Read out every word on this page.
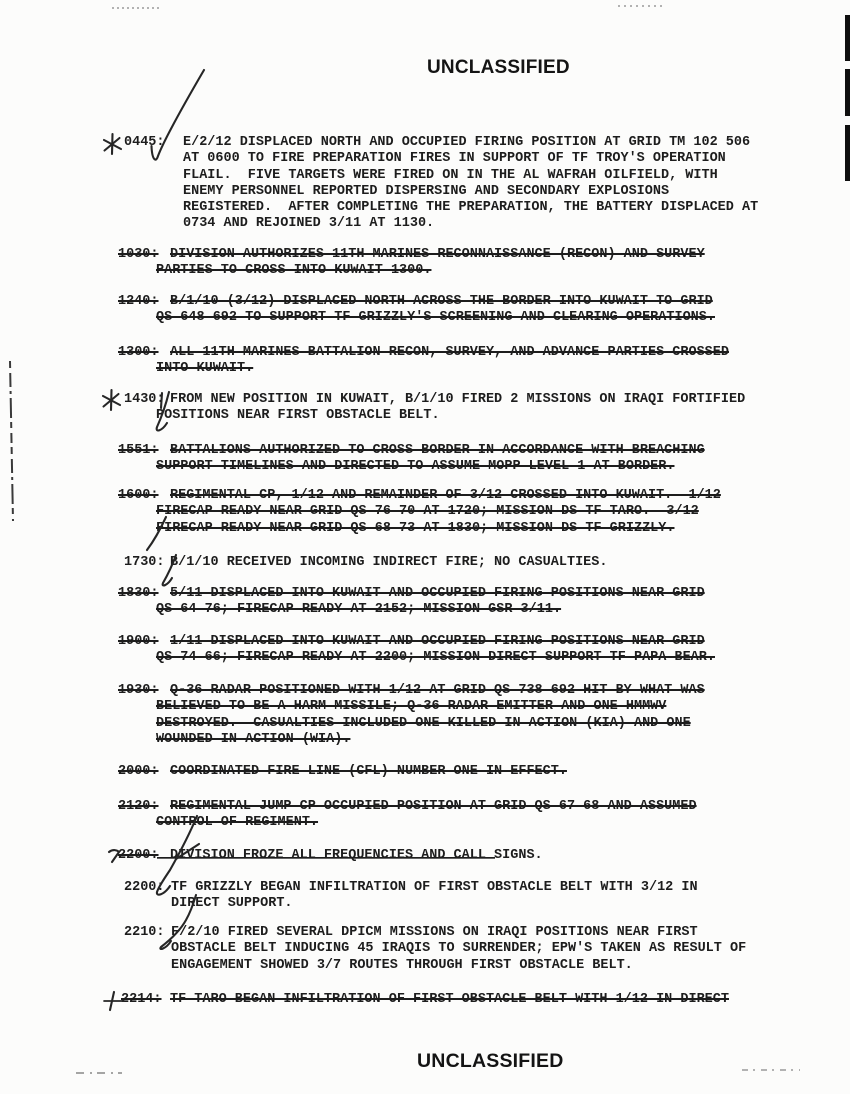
UNCLASSIFIED
0445: E/2/12 DISPLACED NORTH AND OCCUPIED FIRING POSITION AT GRID TM 102 506
AT 0600 TO FIRE PREPARATION FIRES IN SUPPORT OF TF TROY'S OPERATION
FLAIL.  FIVE TARGETS WERE FIRED ON IN THE AL WAFRAH OILFIELD, WITH
ENEMY PERSONNEL REPORTED DISPERSING AND SECONDARY EXPLOSIONS
REGISTERED.  AFTER COMPLETING THE PREPARATION, THE BATTERY DISPLACED AT
0734 AND REJOINED 3/11 AT 1130.
1030: DIVISION AUTHORIZES 11TH MARINES RECONNAISSANCE (RECON) AND SURVEY
PARTIES TO CROSS INTO KUWAIT 1300.
1240: B/1/10 (3/12) DISPLACED NORTH ACROSS THE BORDER INTO KUWAIT TO GRID
QS 648 692 TO SUPPORT TF GRIZZLY'S SCREENING AND CLEARING OPERATIONS.
1300: ALL 11TH MARINES BATTALION RECON, SURVEY, AND ADVANCE PARTIES CROSSED
INTO KUWAIT.
1430: FROM NEW POSITION IN KUWAIT, B/1/10 FIRED 2 MISSIONS ON IRAQI FORTIFIED
POSITIONS NEAR FIRST OBSTACLE BELT.
1551: BATTALIONS AUTHORIZED TO CROSS BORDER IN ACCORDANCE WITH BREACHING
SUPPORT TIMELINES AND DIRECTED TO ASSUME MOPP LEVEL 1 AT BORDER.
1600: REGIMENTAL CP, 1/12 AND REMAINDER OF 3/12 CROSSED INTO KUWAIT.  1/12
FIRECAP READY NEAR GRID QS 76 70 AT 1720; MISSION DS TF TARO.  3/12
FIRECAP READY NEAR GRID QS 68 73 AT 1830; MISSION DS TF GRIZZLY.
1730: B/1/10 RECEIVED INCOMING INDIRECT FIRE; NO CASUALTIES.
1830: 5/11 DISPLACED INTO KUWAIT AND OCCUPIED FIRING POSITIONS NEAR GRID
QS 64 76; FIRECAP READY AT 2152; MISSION GSR 3/11.
1900: 1/11 DISPLACED INTO KUWAIT AND OCCUPIED FIRING POSITIONS NEAR GRID
QS 74 66; FIRECAP READY AT 2200; MISSION DIRECT SUPPORT TF PAPA BEAR.
1930: Q-36 RADAR POSITIONED WITH 1/12 AT GRID QS 738 692 HIT BY WHAT WAS
BELIEVED TO BE A HARM MISSILE; Q-36 RADAR EMITTER AND ONE HMMWV
DESTROYED.  CASUALTIES INCLUDED ONE KILLED IN ACTION (KIA) AND ONE
WOUNDED IN ACTION (WIA).
2000: COORDINATED FIRE LINE (CFL) NUMBER ONE IN EFFECT.
2120: REGIMENTAL JUMP CP OCCUPIED POSITION AT GRID QS 67 68 AND ASSUMED
CONTROL OF REGIMENT.
2200: DIVISION FROZE ALL FREQUENCIES AND CALL SIGNS.
2200: TF GRIZZLY BEGAN INFILTRATION OF FIRST OBSTACLE BELT WITH 3/12 IN
DIRECT SUPPORT.
2210: F/2/10 FIRED SEVERAL DPICM MISSIONS ON IRAQI POSITIONS NEAR FIRST
OBSTACLE BELT INDUCING 45 IRAQIS TO SURRENDER; EPW'S TAKEN AS RESULT OF
ENGAGEMENT SHOWED 3/7 ROUTES THROUGH FIRST OBSTACLE BELT.
2214: TF TARO BEGAN INFILTRATION OF FIRST OBSTACLE BELT WITH 1/12 IN DIRECT
UNCLASSIFIED
